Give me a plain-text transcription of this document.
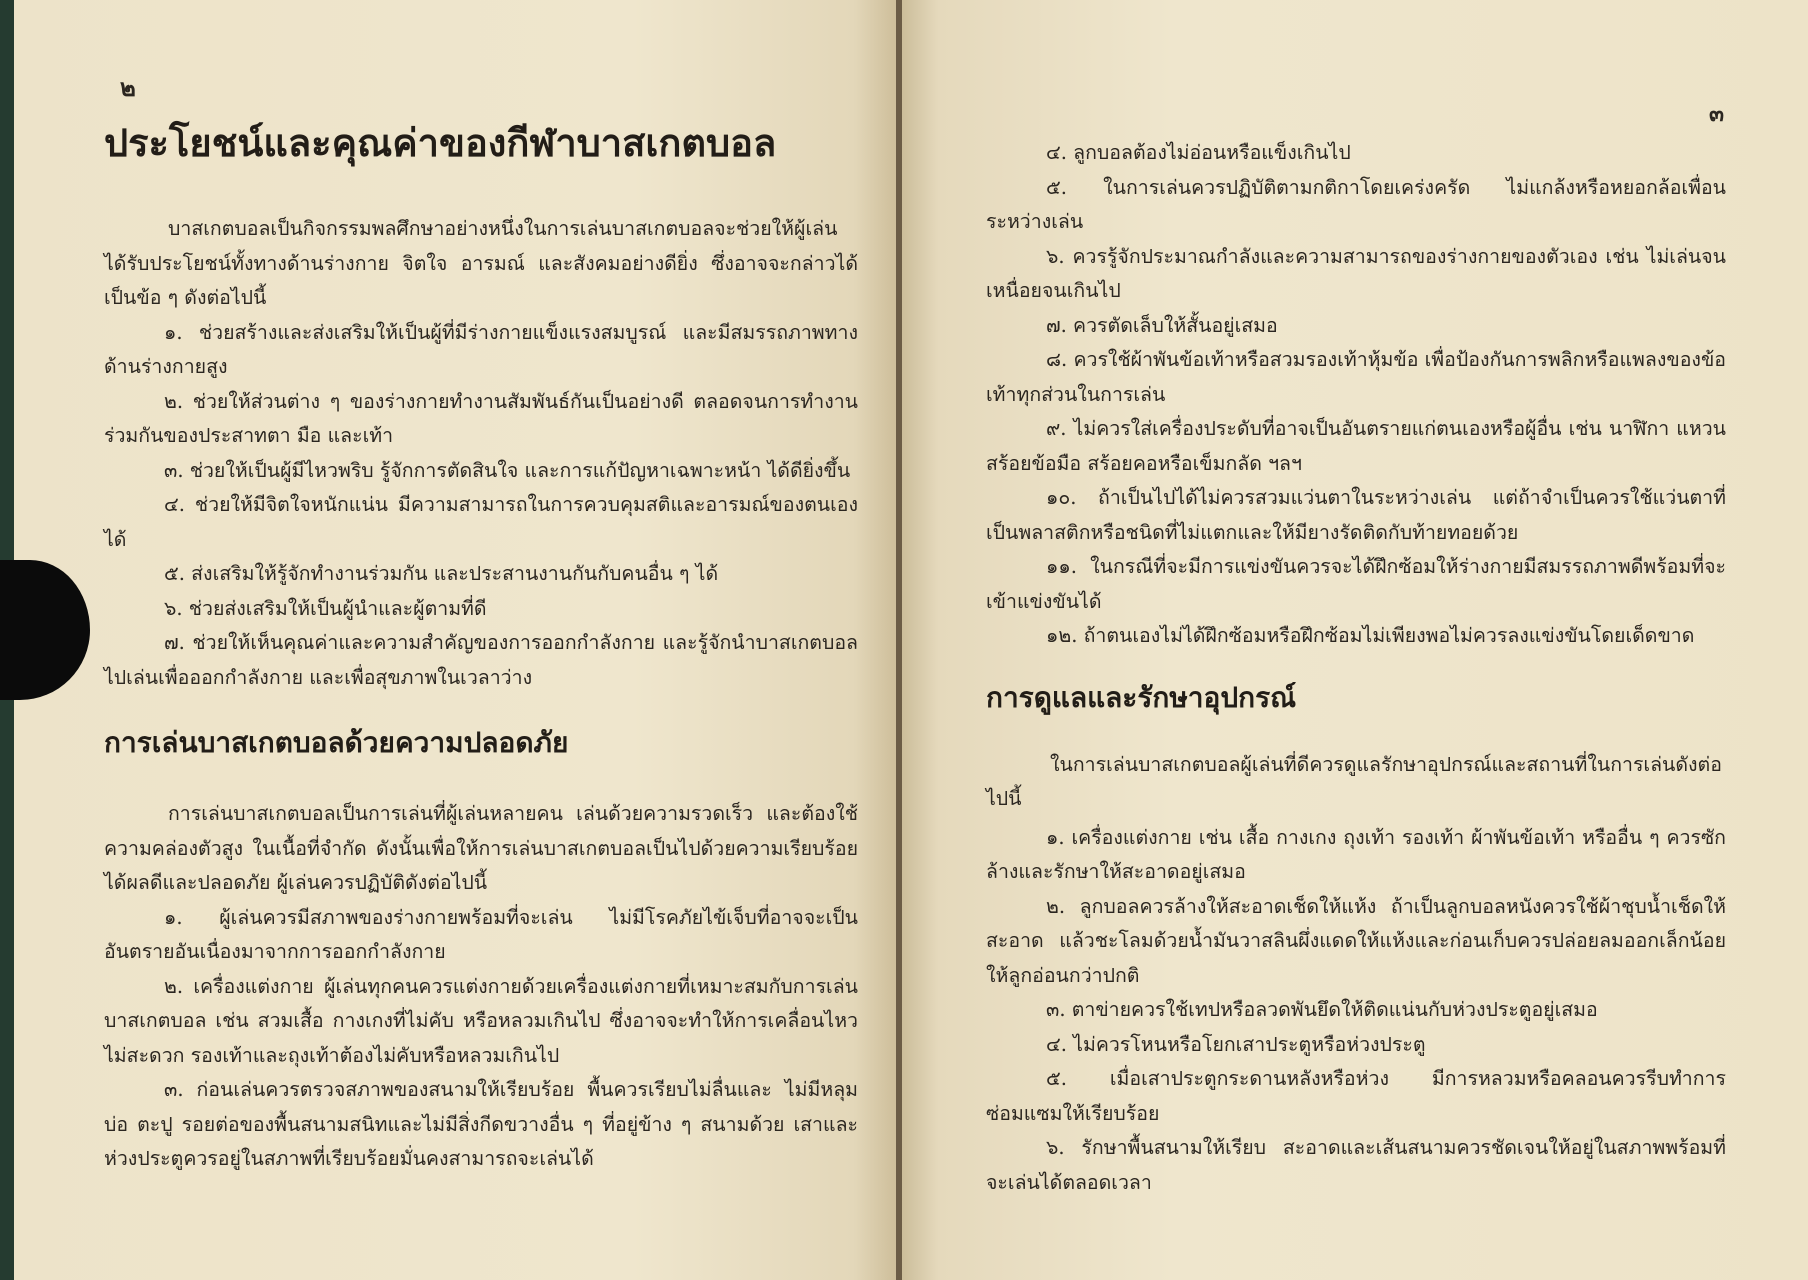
๒
ประโยชน์และคุณค่าของกีฬาบาสเกตบอล

บาสเกตบอลเป็นกิจกรรมพลศึกษาอย่างหนึ่งในการเล่นบาสเกตบอลจะช่วยให้ผู้เล่นได้รับประโยชน์ทั้งทางด้านร่างกาย จิตใจ อารมณ์ และสังคมอย่างดียิ่ง ซึ่งอาจจะกล่าวได้เป็นข้อ ๆ ดังต่อไปนี้

๑. ช่วยสร้างและส่งเสริมให้เป็นผู้ที่มีร่างกายแข็งแรงสมบูรณ์ และมีสมรรถภาพทางด้านร่างกายสูง

๒. ช่วยให้ส่วนต่าง ๆ ของร่างกายทำงานสัมพันธ์กันเป็นอย่างดี ตลอดจนการทำงานร่วมกันของประสาทตา มือ และเท้า

๓. ช่วยให้เป็นผู้มีไหวพริบ รู้จักการตัดสินใจ และการแก้ปัญหาเฉพาะหน้า ได้ดียิ่งขึ้น

๔. ช่วยให้มีจิตใจหนักแน่น มีความสามารถในการควบคุมสติและอารมณ์ของตนเองได้

๕. ส่งเสริมให้รู้จักทำงานร่วมกัน และประสานงานกันกับคนอื่น ๆ ได้

๖. ช่วยส่งเสริมให้เป็นผู้นำและผู้ตามที่ดี

๗. ช่วยให้เห็นคุณค่าและความสำคัญของการออกกำลังกาย และรู้จักนำบาสเกตบอลไปเล่นเพื่อออกกำลังกาย และเพื่อสุขภาพในเวลาว่าง

การเล่นบาสเกตบอลด้วยความปลอดภัย

การเล่นบาสเกตบอลเป็นการเล่นที่ผู้เล่นหลายคน เล่นด้วยความรวดเร็ว และต้องใช้ความคล่องตัวสูง ในเนื้อที่จำกัด ดังนั้นเพื่อให้การเล่นบาสเกตบอลเป็นไปด้วยความเรียบร้อยได้ผลดีและปลอดภัย ผู้เล่นควรปฏิบัติดังต่อไปนี้

๑. ผู้เล่นควรมีสภาพของร่างกายพร้อมที่จะเล่น ไม่มีโรคภัยไข้เจ็บที่อาจจะเป็นอันตรายอันเนื่องมาจากการออกกำลังกาย

๒. เครื่องแต่งกาย ผู้เล่นทุกคนควรแต่งกายด้วยเครื่องแต่งกายที่เหมาะสมกับการเล่นบาสเกตบอล เช่น สวมเสื้อ กางเกงที่ไม่คับ หรือหลวมเกินไป ซึ่งอาจจะทำให้การเคลื่อนไหวไม่สะดวก รองเท้าและถุงเท้าต้องไม่คับหรือหลวมเกินไป

๓. ก่อนเล่นควรตรวจสภาพของสนามให้เรียบร้อย พื้นควรเรียบไม่ลื่นและ ไม่มีหลุมบ่อ ตะปู รอยต่อของพื้นสนามสนิทและไม่มีสิ่งกีดขวางอื่น ๆ ที่อยู่ข้าง ๆ สนามด้วย เสาและห่วงประตูควรอยู่ในสภาพที่เรียบร้อยมั่นคงสามารถจะเล่นได้

๓

๔. ลูกบอลต้องไม่อ่อนหรือแข็งเกินไป

๕. ในการเล่นควรปฏิบัติตามกติกาโดยเคร่งครัด ไม่แกล้งหรือหยอกล้อเพื่อนระหว่างเล่น

๖. ควรรู้จักประมาณกำลังและความสามารถของร่างกายของตัวเอง เช่น ไม่เล่นจนเหนื่อยจนเกินไป

๗. ควรตัดเล็บให้สั้นอยู่เสมอ

๘. ควรใช้ผ้าพันข้อเท้าหรือสวมรองเท้าหุ้มข้อ เพื่อป้องกันการพลิกหรือแพลงของข้อเท้าทุกส่วนในการเล่น

๙. ไม่ควรใส่เครื่องประดับที่อาจเป็นอันตรายแก่ตนเองหรือผู้อื่น เช่น นาฬิกา แหวน สร้อยข้อมือ สร้อยคอหรือเข็มกลัด ฯลฯ

๑๐. ถ้าเป็นไปได้ไม่ควรสวมแว่นตาในระหว่างเล่น แต่ถ้าจำเป็นควรใช้แว่นตาที่เป็นพลาสติกหรือชนิดที่ไม่แตกและให้มียางรัดติดกับท้ายทอยด้วย

๑๑. ในกรณีที่จะมีการแข่งขันควรจะได้ฝึกซ้อมให้ร่างกายมีสมรรถภาพดีพร้อมที่จะเข้าแข่งขันได้

๑๒. ถ้าตนเองไม่ได้ฝึกซ้อมหรือฝึกซ้อมไม่เพียงพอไม่ควรลงแข่งขันโดยเด็ดขาด

การดูแลและรักษาอุปกรณ์

ในการเล่นบาสเกตบอลผู้เล่นที่ดีควรดูแลรักษาอุปกรณ์และสถานที่ในการเล่นดังต่อไปนี้

๑. เครื่องแต่งกาย เช่น เสื้อ กางเกง ถุงเท้า รองเท้า ผ้าพันข้อเท้า หรืออื่น ๆ ควรซักล้างและรักษาให้สะอาดอยู่เสมอ

๒. ลูกบอลควรล้างให้สะอาดเช็ดให้แห้ง ถ้าเป็นลูกบอลหนังควรใช้ผ้าชุบน้ำเช็ดให้สะอาด แล้วชะโลมด้วยน้ำมันวาสลินผึ่งแดดให้แห้งและก่อนเก็บควรปล่อยลมออกเล็กน้อยให้ลูกอ่อนกว่าปกติ

๓. ตาข่ายควรใช้เทปหรือลวดพันยึดให้ติดแน่นกับห่วงประตูอยู่เสมอ

๔. ไม่ควรโหนหรือโยกเสาประตูหรือห่วงประตู

๕. เมื่อเสาประตูกระดานหลังหรือห่วง มีการหลวมหรือคลอนควรรีบทำการซ่อมแซมให้เรียบร้อย

๖. รักษาพื้นสนามให้เรียบ สะอาดและเส้นสนามควรชัดเจนให้อยู่ในสภาพพร้อมที่จะเล่นได้ตลอดเวลา
